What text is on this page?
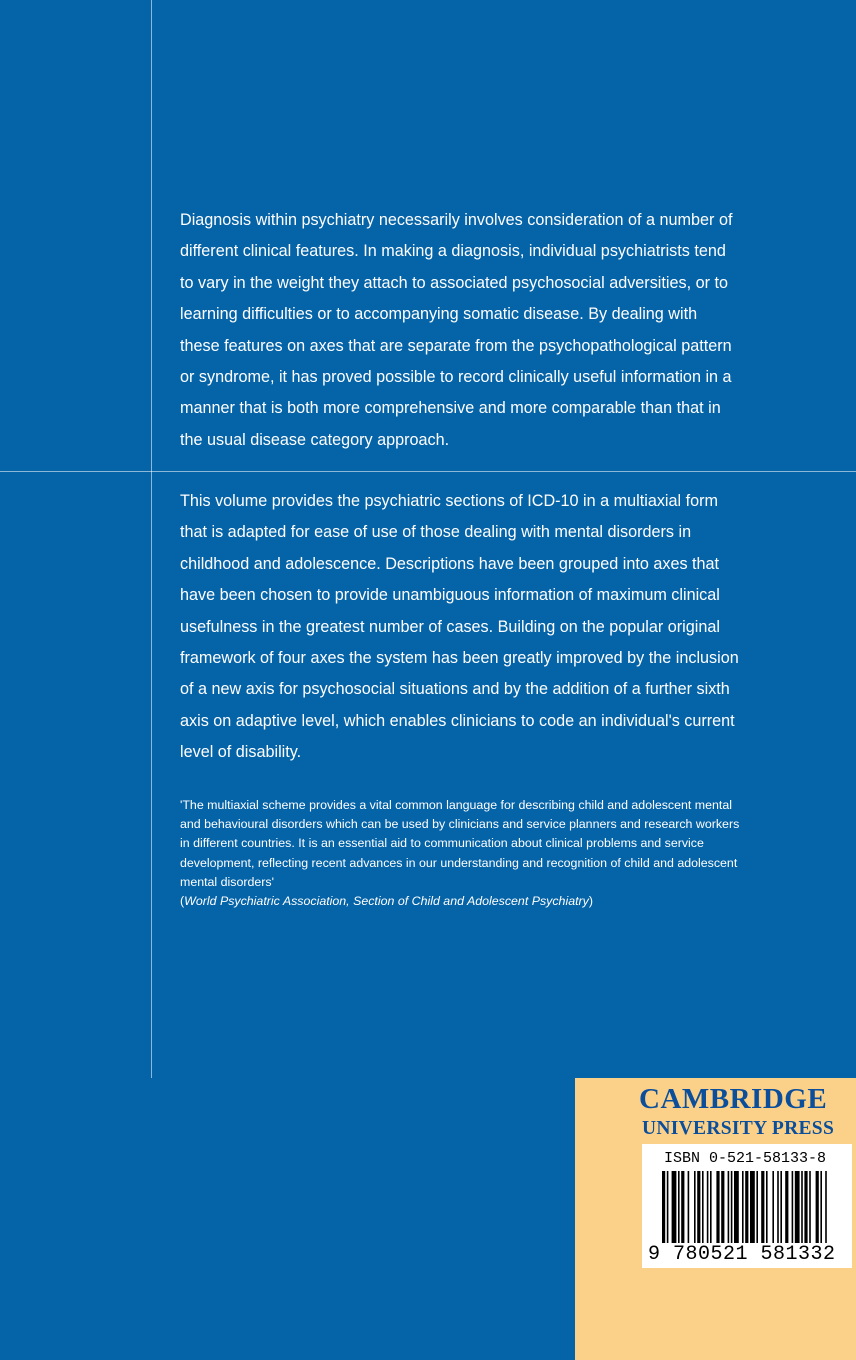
Diagnosis within psychiatry necessarily involves consideration of a number of different clinical features. In making a diagnosis, individual psychiatrists tend to vary in the weight they attach to associated psychosocial adversities, or to learning difficulties or to accompanying somatic disease. By dealing with these features on axes that are separate from the psychopathological pattern or syndrome, it has proved possible to record clinically useful information in a manner that is both more comprehensive and more comparable than that in the usual disease category approach.

This volume provides the psychiatric sections of ICD-10 in a multiaxial form that is adapted for ease of use of those dealing with mental disorders in childhood and adolescence. Descriptions have been grouped into axes that have been chosen to provide unambiguous information of maximum clinical usefulness in the greatest number of cases. Building on the popular original framework of four axes the system has been greatly improved by the inclusion of a new axis for psychosocial situations and by the addition of a further sixth axis on adaptive level, which enables clinicians to code an individual's current level of disability.

'The multiaxial scheme provides a vital common language for describing child and adolescent mental and behavioural disorders which can be used by clinicians and service planners and research workers in different countries. It is an essential aid to communication about clinical problems and service development, reflecting recent advances in our understanding and recognition of child and adolescent mental disorders'
(World Psychiatric Association, Section of Child and Adolescent Psychiatry)

CAMBRIDGE
UNIVERSITY PRESS
ISBN 0-521-58133-8
9 780521 581332
